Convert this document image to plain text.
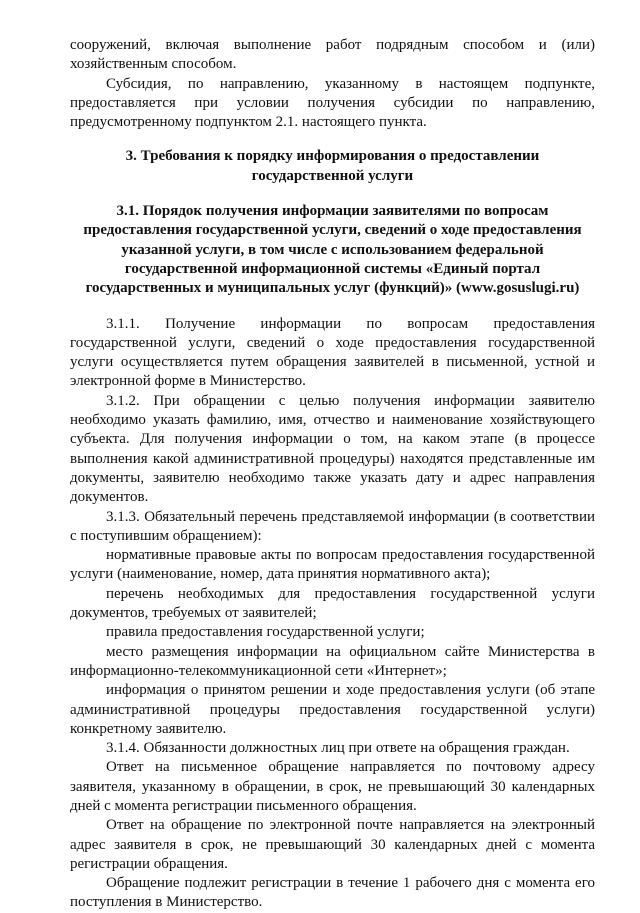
сооружений, включая выполнение работ подрядным способом и (или) хозяйственным способом.

Субсидия, по направлению, указанному в настоящем подпункте, предоставляется при условии получения субсидии по направлению, предусмотренному подпунктом 2.1. настоящего пункта.

3. Требования к порядку информирования о предоставлении государственной услуги

3.1. Порядок получения информации заявителями по вопросам предоставления государственной услуги, сведений о ходе предоставления указанной услуги, в том числе с использованием федеральной государственной информационной системы «Единый портал государственных и муниципальных услуг (функций)» (www.gosuslugi.ru)

3.1.1. Получение информации по вопросам предоставления государственной услуги, сведений о ходе предоставления государственной услуги осуществляется путем обращения заявителей в письменной, устной и электронной форме в Министерство.

3.1.2. При обращении с целью получения информации заявителю необходимо указать фамилию, имя, отчество и наименование хозяйствующего субъекта. Для получения информации о том, на каком этапе (в процессе выполнения какой административной процедуры) находятся представленные им документы, заявителю необходимо также указать дату и адрес направления документов.

3.1.3. Обязательный перечень представляемой информации (в соответствии с поступившим обращением):

нормативные правовые акты по вопросам предоставления государственной услуги (наименование, номер, дата принятия нормативного акта);

перечень необходимых для предоставления государственной услуги документов, требуемых от заявителей;

правила предоставления государственной услуги;

место размещения информации на официальном сайте Министерства в информационно-телекоммуникационной сети «Интернет»;

информация о принятом решении и ходе предоставления услуги (об этапе административной процедуры предоставления государственной услуги) конкретному заявителю.

3.1.4. Обязанности должностных лиц при ответе на обращения граждан.

Ответ на письменное обращение направляется по почтовому адресу заявителя, указанному в обращении, в срок, не превышающий 30 календарных дней с момента регистрации письменного обращения.

Ответ на обращение по электронной почте направляется на электронный адрес заявителя в срок, не превышающий 30 календарных дней с момента регистрации обращения.

Обращение подлежит регистрации в течение 1 рабочего дня с момента его поступления в Министерство.
